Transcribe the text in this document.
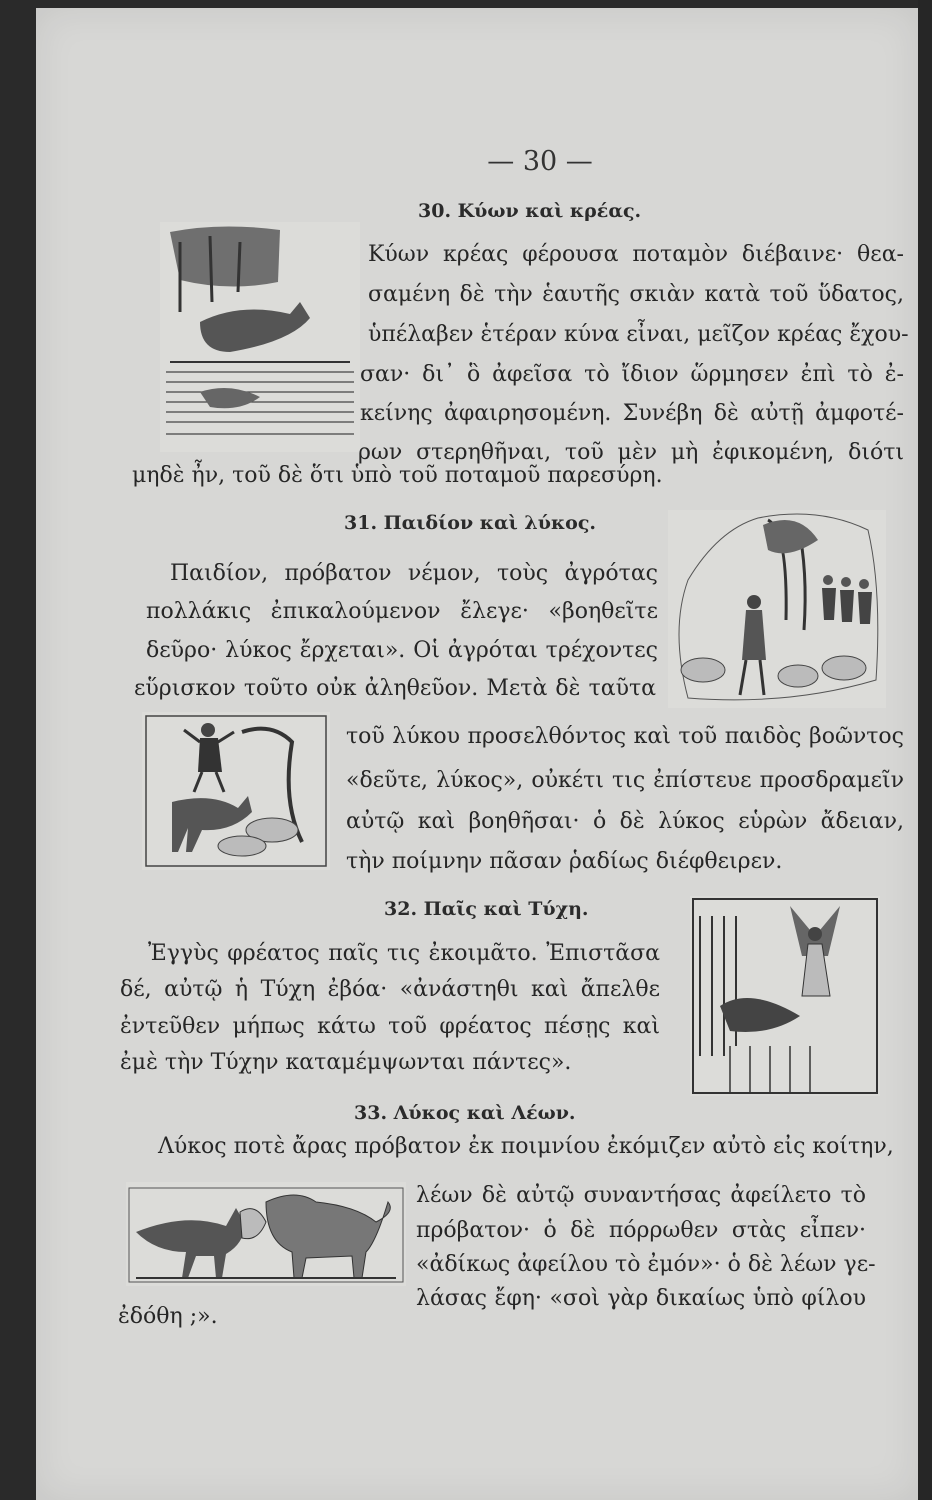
— 30 —
30. Κύων καὶ κρέας.
Κύων κρέας φέρουσα ποταμὸν διέβαινε· θεα-
σαμένη δὲ τὴν ἑαυτῆς σκιὰν κατὰ τοῦ ὕδατος,
ὑπέλαβεν ἑτέραν κύνα εἶναι, μεῖζον κρέας ἔχου-
σαν· δι᾽ ὃ ἀφεῖσα τὸ ἴδιον ὥρμησεν ἐπὶ τὸ ἐ-
κείνης ἀφαιρησομένη. Συνέβη δὲ αὐτῇ ἀμφοτέ-
ρων στερηθῆναι, τοῦ μὲν μὴ ἐφικομένη, διότι
μηδὲ ἦν, τοῦ δὲ ὅτι ὑπὸ τοῦ ποταμοῦ παρεσύρη.
31. Παιδίον καὶ λύκος.
Παιδίον, πρόβατον νέμον, τοὺς ἀγρότας
πολλάκις ἐπικαλούμενον ἔλεγε· «βοηθεῖτε
δεῦρο· λύκος ἔρχεται». Οἱ ἀγρόται τρέχοντες
εὕρισκον τοῦτο οὐκ ἀληθεῦον. Μετὰ δὲ ταῦτα
τοῦ λύκου προσελθόντος καὶ τοῦ παιδὸς βοῶντος
«δεῦτε, λύκος», οὐκέτι τις ἐπίστευε προσδραμεῖν
αὐτῷ καὶ βοηθῆσαι· ὁ δὲ λύκος εὑρὼν ἄδειαν,
τὴν ποίμνην πᾶσαν ῥαδίως διέφθειρεν.
32. Παῖς καὶ Τύχη.
Ἐγγὺς φρέατος παῖς τις ἐκοιμᾶτο. Ἐπιστᾶσα
δέ, αὐτῷ ἡ Τύχη ἐβόα· «ἀνάστηθι καὶ ἄπελθε
ἐντεῦθεν μήπως κάτω τοῦ φρέατος πέσῃς καὶ
ἐμὲ τὴν Τύχην καταμέμψωνται πάντες».
33. Λύκος καὶ Λέων.
Λύκος ποτὲ ἄρας πρόβατον ἐκ ποιμνίου ἐκόμιζεν αὐτὸ εἰς κοίτην,
λέων δὲ αὐτῷ συναντήσας ἀφείλετο τὸ
πρόβατον· ὁ δὲ πόρρωθεν στὰς εἶπεν·
«ἀδίκως ἀφείλου τὸ ἐμόν»· ὁ δὲ λέων γε-
λάσας ἔφη· «σοὶ γὰρ δικαίως ὑπὸ φίλου
ἐδόθη ;».
